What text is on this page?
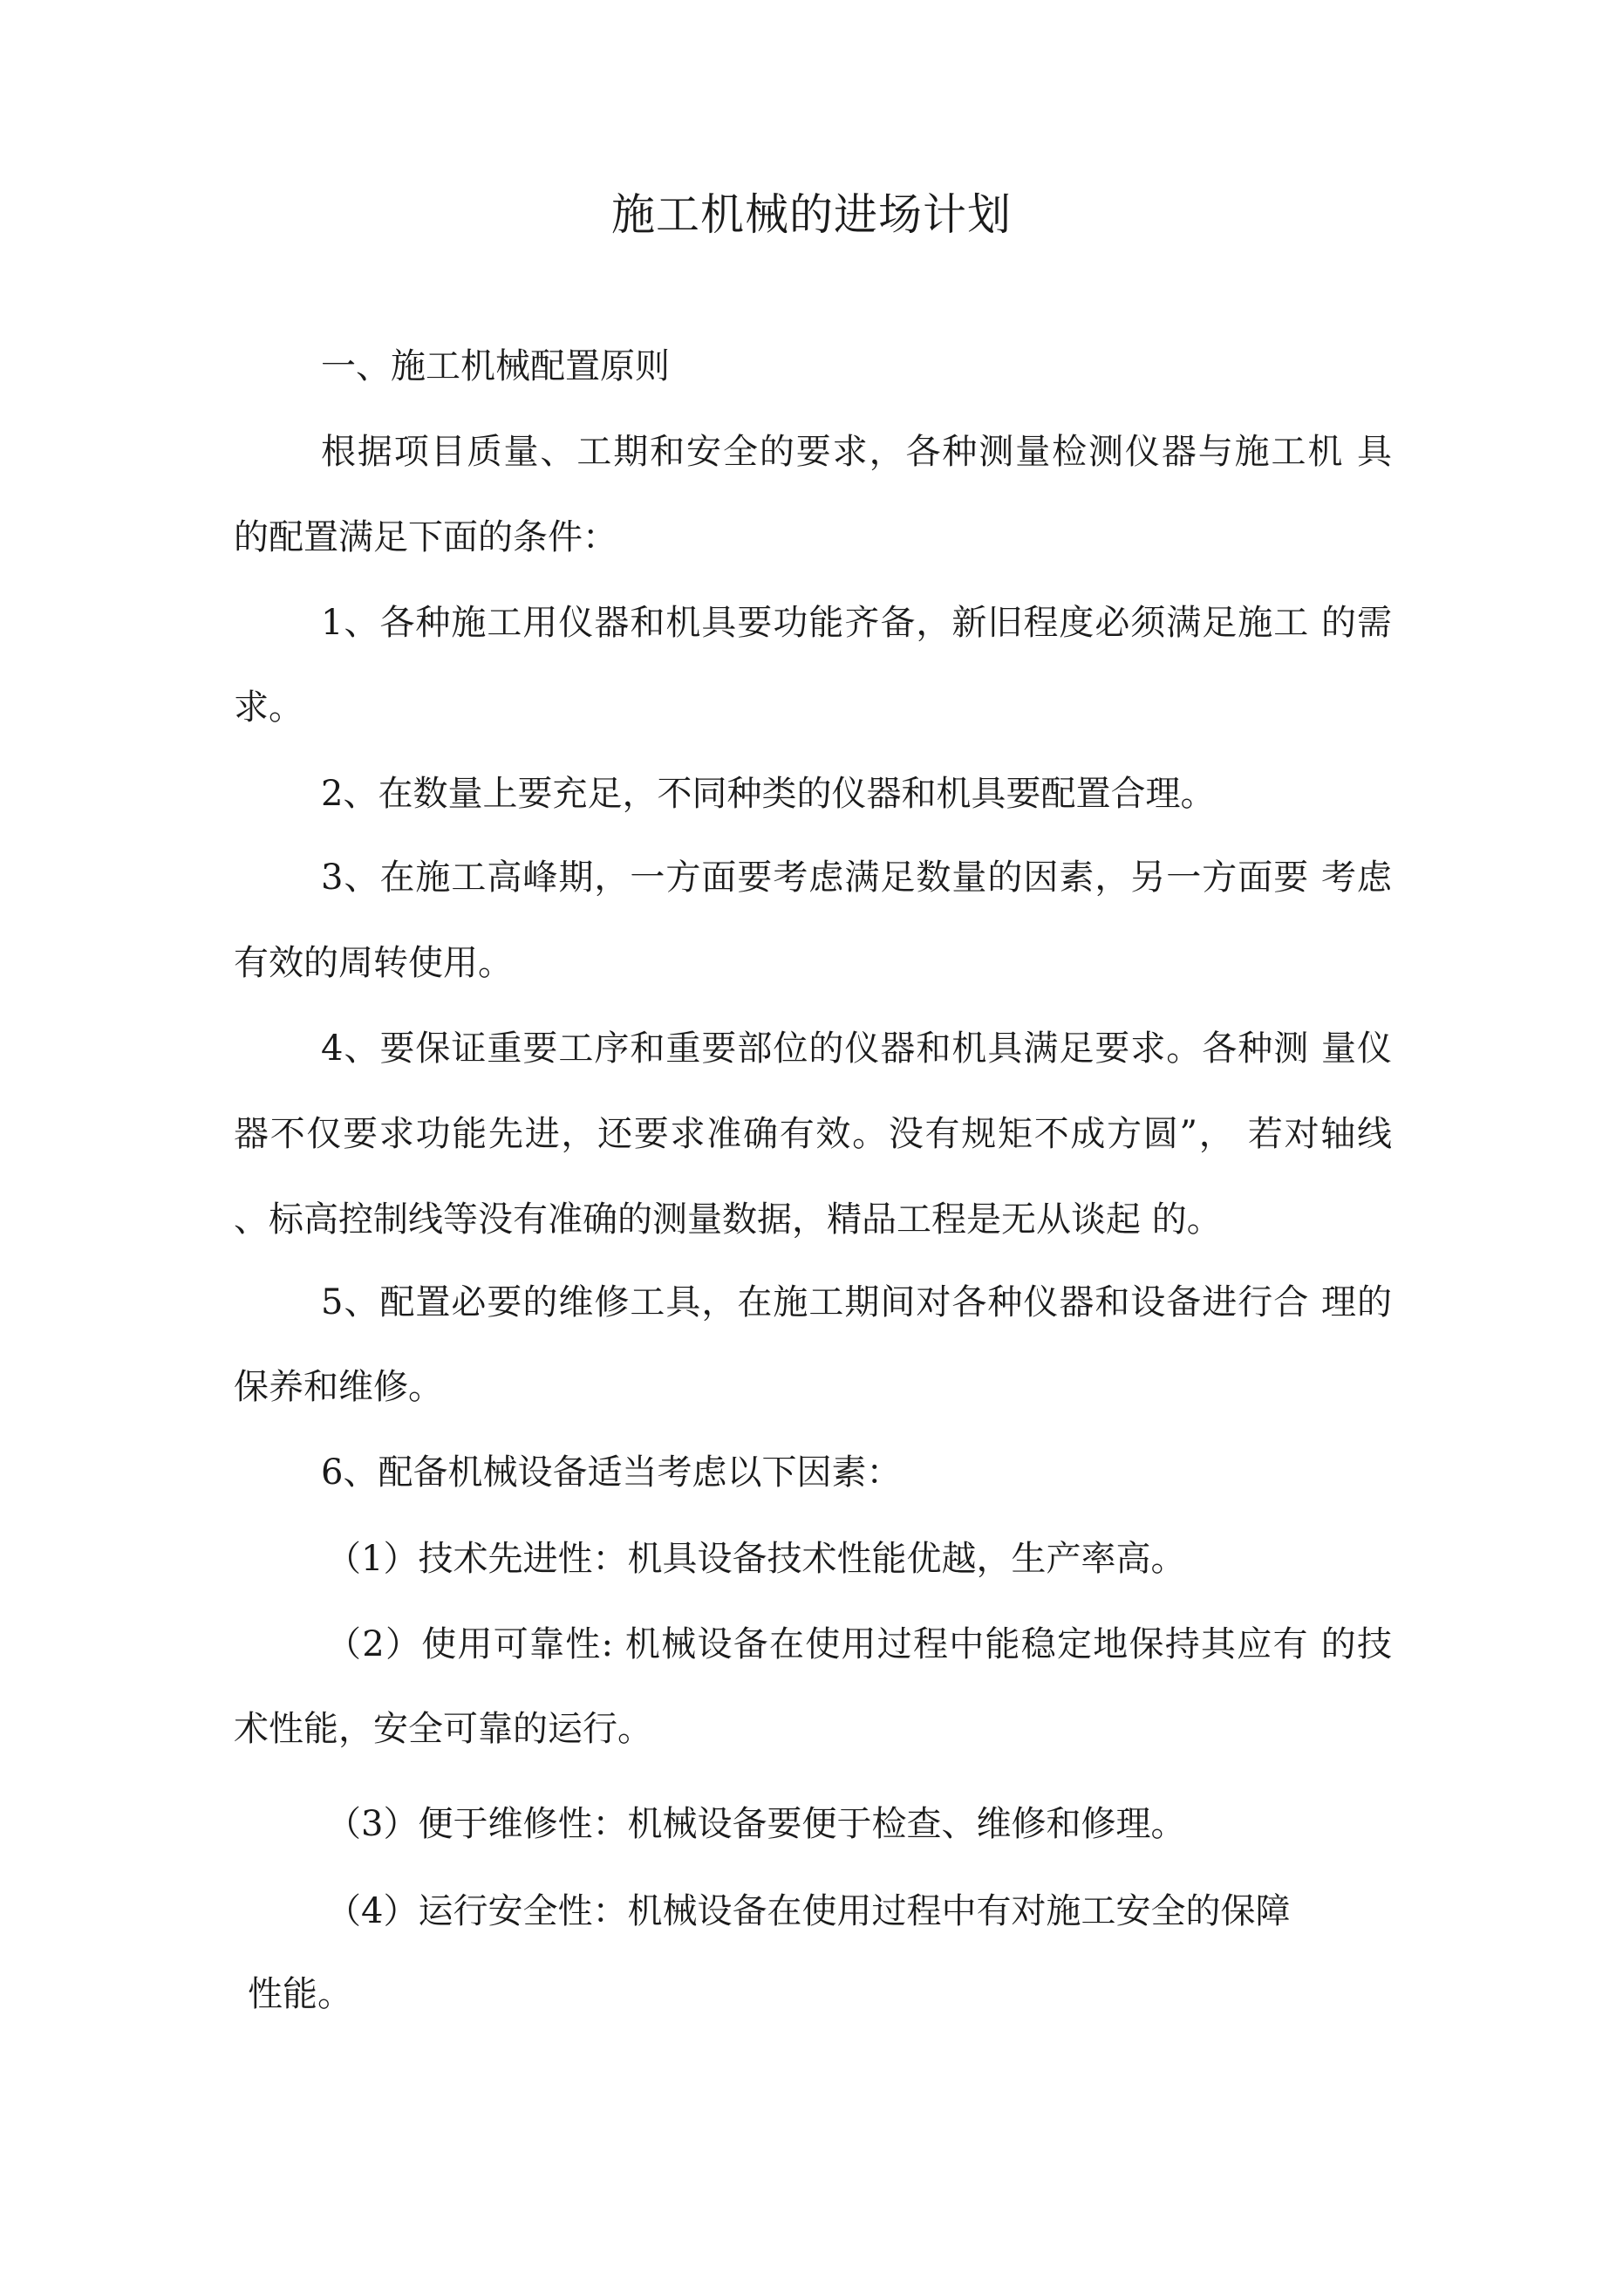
施工机械的进场计划

一、施工机械配置原则

根据项目质量、工期和安全的要求，各种测量检测仪器与施工机 具

的配置满足下面的条件：

1、各种施工用仪器和机具要功能齐备，新旧程度必须满足施工 的需

求。

2、在数量上要充足，不同种类的仪器和机具要配置合理。

3、在施工高峰期，一方面要考虑满足数量的因素，另一方面要 考虑

有效的周转使用。

4、要保证重要工序和重要部位的仪器和机具满足要求。各种测 量仪

器不仅要求功能先进，还要求准确有效。没有规矩不成方圆”， 若对轴线

、标高控制线等没有准确的测量数据，精品工程是无从谈起 的。

5、配置必要的维修工具，在施工期间对各种仪器和设备进行合 理的

保养和维修。

6、配备机械设备适当考虑以下因素：

（1）技术先进性：机具设备技术性能优越，生产率高。

（2）使用可靠性: 机械设备在使用过程中能稳定地保持其应有 的技

术性能，安全可靠的运行。

（3）便于维修性：机械设备要便于检查、维修和修理。

（4）运行安全性：机械设备在使用过程中有对施工安全的保障

性能。
